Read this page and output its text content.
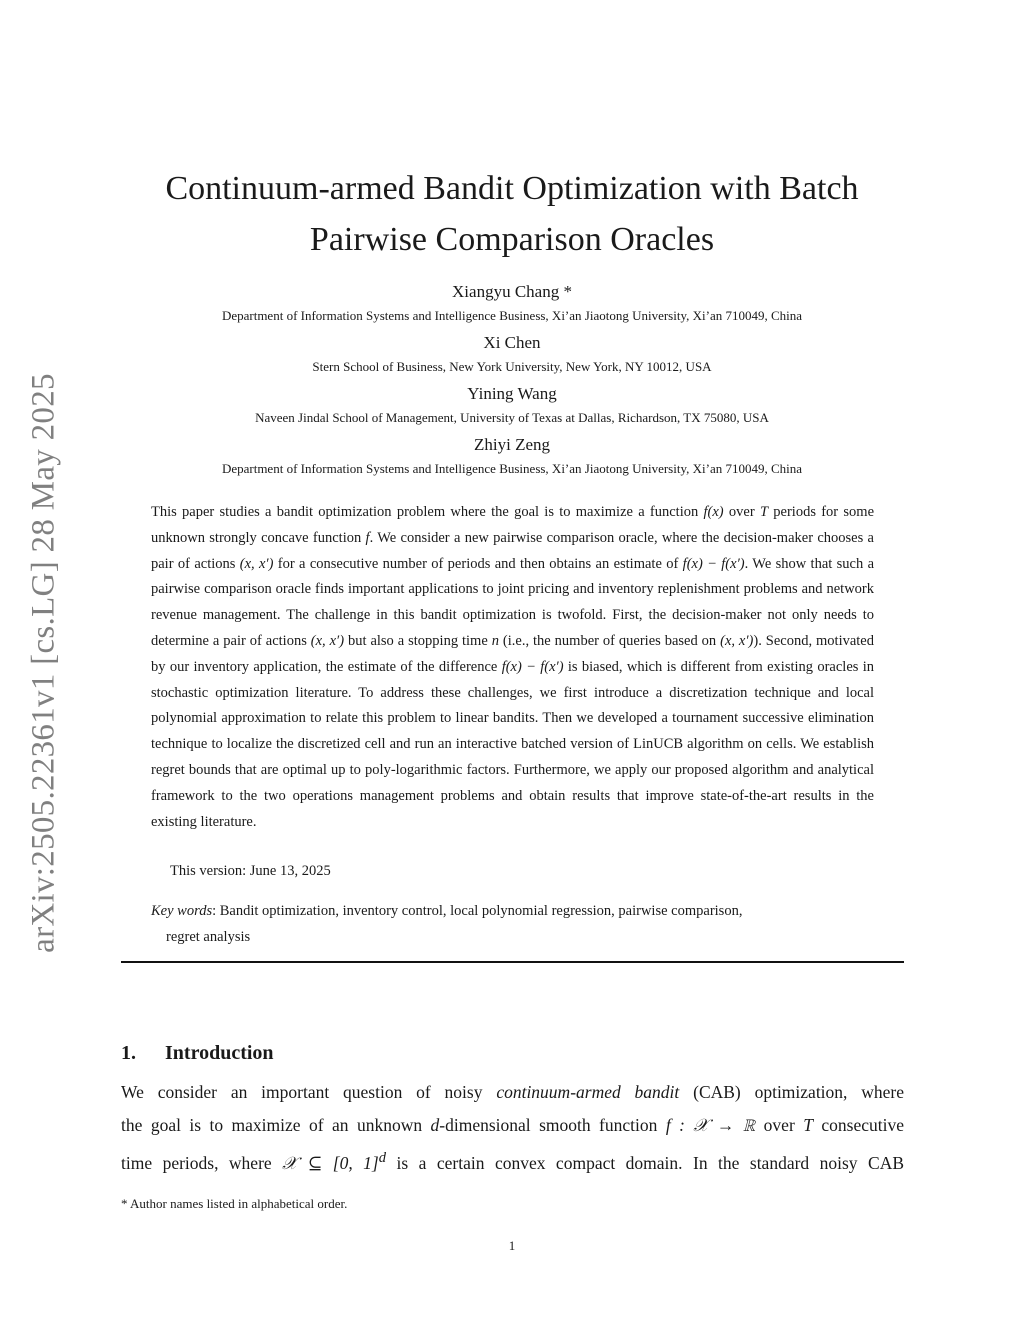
arXiv:2505.22361v1 [cs.LG] 28 May 2025
Continuum-armed Bandit Optimization with Batch
Pairwise Comparison Oracles
Xiangyu Chang *
Department of Information Systems and Intelligence Business, Xi’an Jiaotong University, Xi’an 710049, China
Xi Chen
Stern School of Business, New York University, New York, NY 10012, USA
Yining Wang
Naveen Jindal School of Management, University of Texas at Dallas, Richardson, TX 75080, USA
Zhiyi Zeng
Department of Information Systems and Intelligence Business, Xi’an Jiaotong University, Xi’an 710049, China

This paper studies a bandit optimization problem where the goal is to maximize a function f(x) over T periods for some unknown strongly concave function f. We consider a new pairwise comparison oracle, where the decision-maker chooses a pair of actions (x, x′) for a consecutive number of periods and then obtains an estimate of f(x) − f(x′). We show that such a pairwise comparison oracle finds important applications to joint pricing and inventory replenishment problems and network revenue management. The challenge in this bandit optimization is twofold. First, the decision-maker not only needs to determine a pair of actions (x, x′) but also a stopping time n (i.e., the number of queries based on (x, x′)). Second, motivated by our inventory application, the estimate of the difference f(x) − f(x′) is biased, which is different from existing oracles in stochastic optimization literature. To address these challenges, we first introduce a discretization technique and local polynomial approximation to relate this problem to linear bandits. Then we developed a tournament successive elimination technique to localize the discretized cell and run an interactive batched version of LinUCB algorithm on cells. We establish regret bounds that are optimal up to poly-logarithmic factors. Furthermore, we apply our proposed algorithm and analytical framework to the two operations management problems and obtain results that improve state-of-the-art results in the existing literature.

This version: June 13, 2025
Key words: Bandit optimization, inventory control, local polynomial regression, pairwise comparison,
regret analysis
1. Introduction
We consider an important question of noisy continuum-armed bandit (CAB) optimization, where
the goal is to maximize of an unknown d-dimensional smooth function f : 𝒳 → ℝ over T consecutive
time periods, where 𝒳 ⊆ [0, 1]$^d$ is a certain convex compact domain. In the standard noisy CAB
* Author names listed in alphabetical order.
1
